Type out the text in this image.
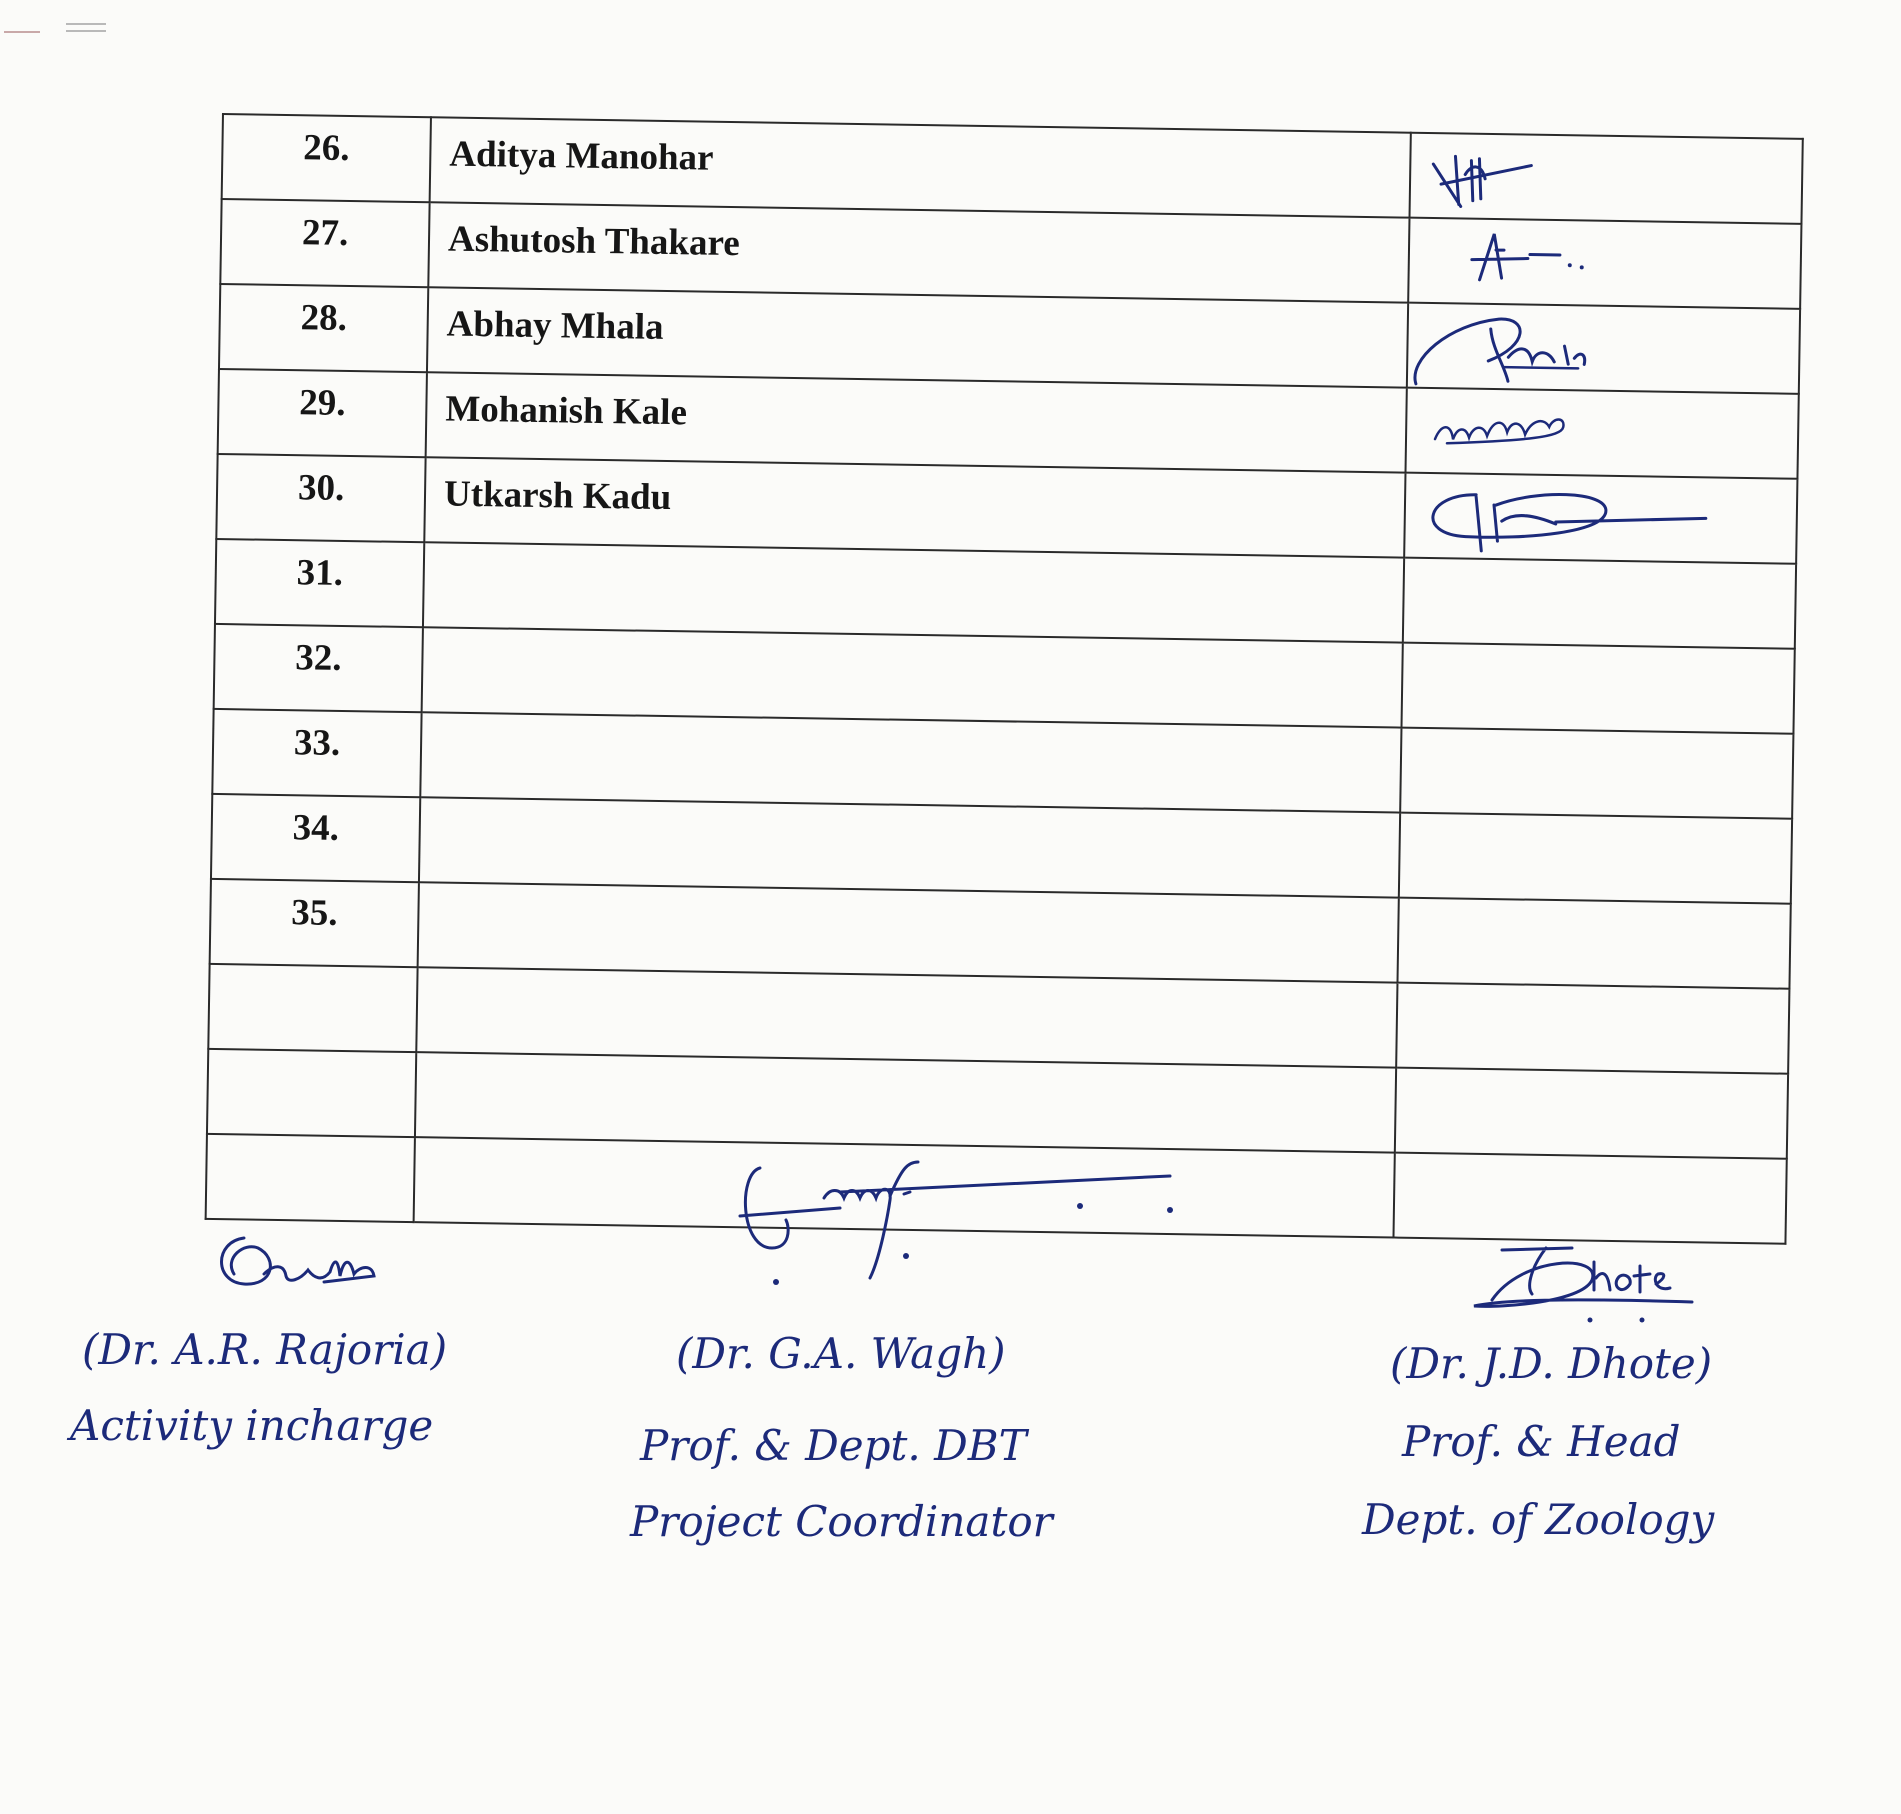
26.	Aditya Manohar	

27.	Ashutosh Thakare	

28.	Abhay Mhala	

29.	Mohanish Kale	

30.	Utkarsh Kadu	

31.		
32.		
33.		
34.		
35.		

(Dr. A.R. Rajoria)
Activity incharge
(Dr. G.A. Wagh)
Prof. & Dept. DBT
Project Coordinator
(Dr. J.D. Dhote)
Prof. & Head
Dept. of Zoology
